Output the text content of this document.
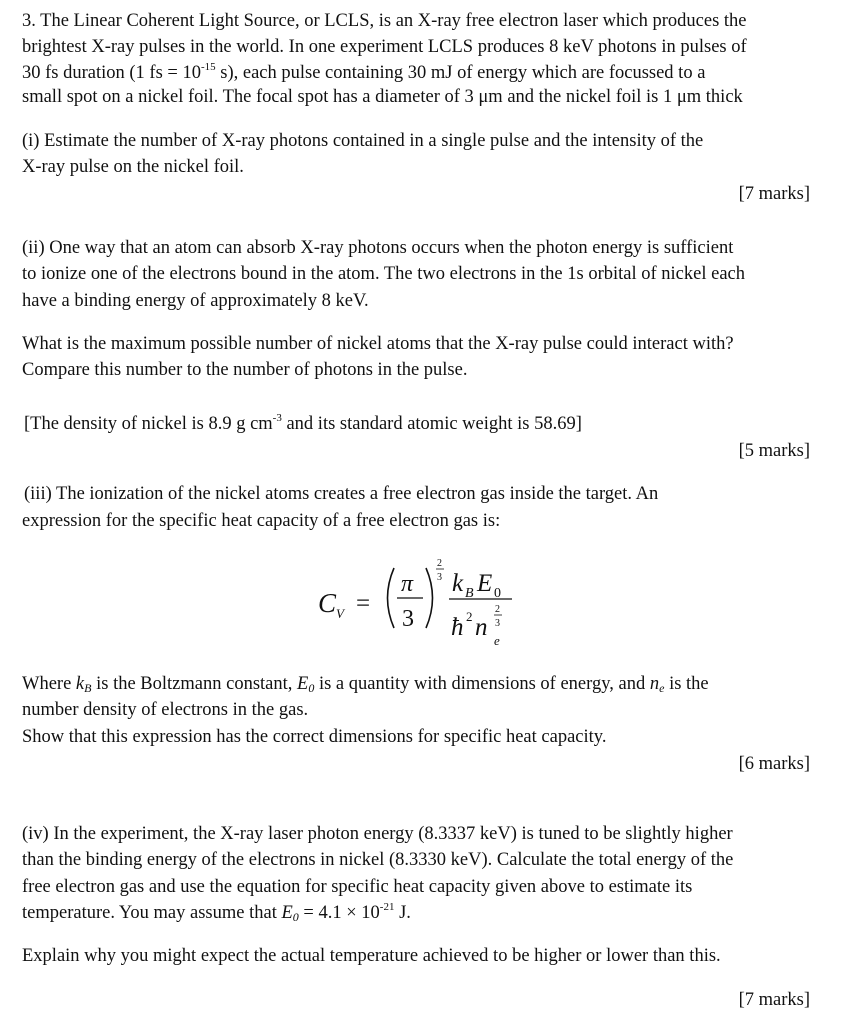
3. The Linear Coherent Light Source, or LCLS, is an X-ray free electron laser which produces the
brightest X-ray pulses in the world. In one experiment LCLS produces 8 keV photons in pulses of
30 fs duration (1 fs = $10^{-15}$ s), each pulse containing 30 mJ of energy which are focussed to a
small spot on a nickel foil. The focal spot has a diameter of 3 μm and the nickel foil is 1 μm thick
(i) Estimate the number of X-ray photons contained in a single pulse and the intensity of the
X-ray pulse on the nickel foil.
[7 marks]
(ii) One way that an atom can absorb X-ray photons occurs when the photon energy is sufficient
to ionize one of the electrons bound in the atom. The two electrons in the 1s orbital of nickel each
have a binding energy of approximately 8 keV.
What is the maximum possible number of nickel atoms that the X-ray pulse could interact with?
Compare this number to the number of photons in the pulse.
[The density of nickel is 8.9 g $cm^{-3}$ and its standard atomic weight is 58.69]
[5 marks]
(iii) The ionization of the nickel atoms creates a free electron gas inside the target. An
expression for the specific heat capacity of a free electron gas is:
C V =
π
3
2
3 k B E 0
ħ 2 n e
2
3
Where $k_B$ is the Boltzmann constant, $E_0$ is a quantity with dimensions of energy, and $n_e$ is the
number density of electrons in the gas.
Show that this expression has the correct dimensions for specific heat capacity.
[6 marks]
(iv) In the experiment, the X-ray laser photon energy (8.3337 keV) is tuned to be slightly higher
than the binding energy of the electrons in nickel (8.3330 keV). Calculate the total energy of the
free electron gas and use the equation for specific heat capacity given above to estimate its
temperature. You may assume that $E_0 = 4.1 \times 10^{-21}$ J.
Explain why you might expect the actual temperature achieved to be higher or lower than this.
[7 marks]
